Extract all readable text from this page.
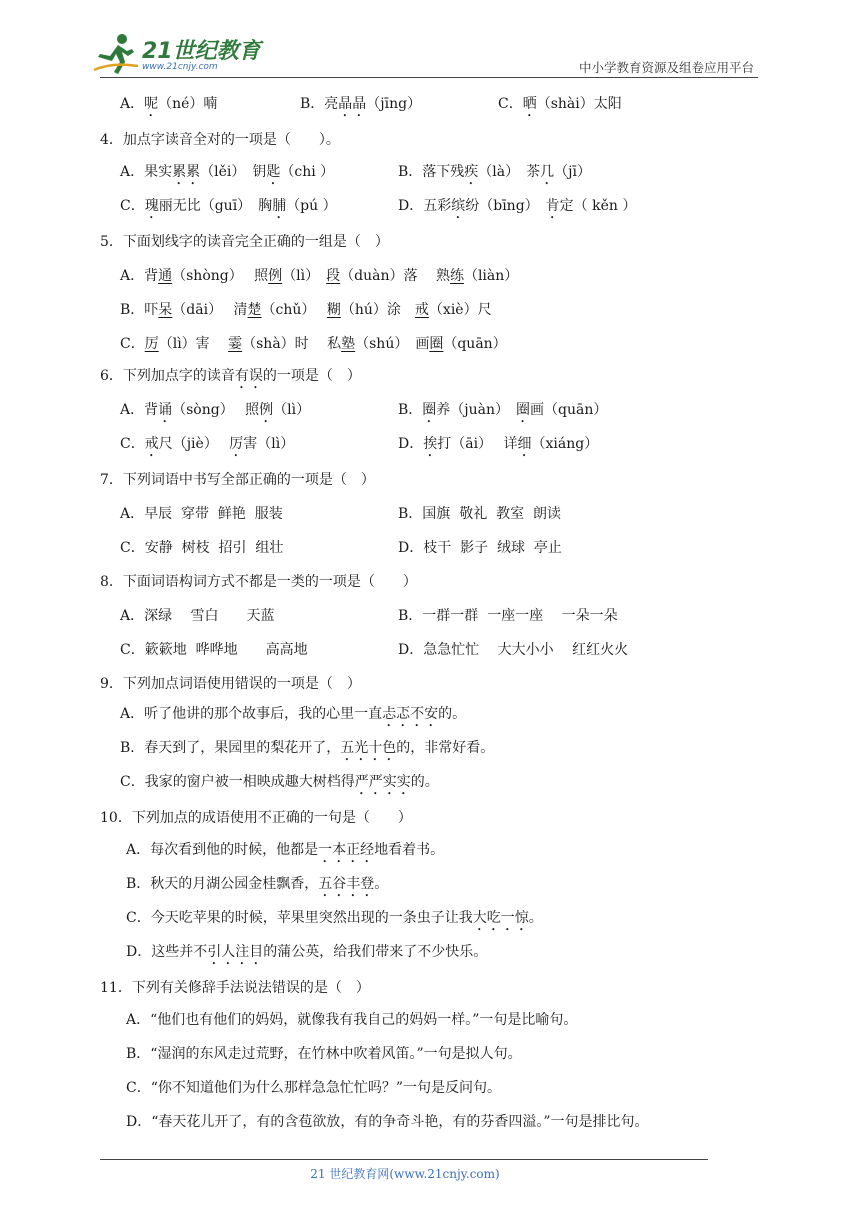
21世纪教育
www.21cnjy.com	中小学教育资源及组卷应用平台
A．呢（né）喃	B．亮晶晶（jīng）	C．晒（shài）太阳
4．加点字读音全对的一项是（　　）。
A．果实累累（lěi）　钥匙（chi ）	B．落下残疾（là）　茶几（jī）
C．瑰丽无比（guī）　胸脯（pú ）	D．五彩缤纷（bīng）　肯定（ kěn ）
5．下面划线字的读音完全正确的一组是（　）
A．背通（shòng）　 照例（lì）　段（duàn）落　 熟练（liàn）
B．吓呆（dāi）　 清楚（chǔ）　 糊（hú）涂　戒（xiè）尺
C．厉（lì）害　 霎（shà）时　 私塾（shú）　画圈（quān）
6．下列加点字的读音有误的一项是（　）
A．背诵（sòng）　 照例（lì）	B．圈养（juàn）　圈画（quān）
C．戒尺（jiè）　 厉害（lì）	D．挨打（āi）　 详细（xiáng）
7．下列词语中书写全部正确的一项是（　）
A．早辰  穿带  鲜艳  服装	B．国旗  敬礼  教室  朗读
C．安静  树枝  招引  组壮	D．枝干  影子  绒球  亭止
8．下面词语构词方式不都是一类的一项是（　　）
A．深绿　 雪白　　天蓝	B．一群一群  一座一座　 一朵一朵
C．簌簌地  哗哗地　　高高地	D．急急忙忙　 大大小小　 红红火火
9．下列加点词语使用错误的一项是（　）
A．听了他讲的那个故事后，我的心里一直忐忑不安的。
B．春天到了，果园里的梨花开了，五光十色的，非常好看。
C．我家的窗户被一相映成趣大树档得严严实实的。
10．下列加点的成语使用不正确的一句是（　　）
A．每次看到他的时候，他都是一本正经地看着书。
B．秋天的月湖公园金桂飘香，五谷丰登。
C．今天吃苹果的时候，苹果里突然出现的一条虫子让我大吃一惊。
D．这些并不引人注目的蒲公英，给我们带来了不少快乐。
11．下列有关修辞手法说法错误的是（　）
A．“他们也有他们的妈妈，就像我有我自己的妈妈一样。”一句是比喻句。
B．“湿润的东风走过荒野，在竹林中吹着风笛。”一句是拟人句。
C．“你不知道他们为什么那样急急忙忙吗？”一句是反问句。
D．“春天花儿开了，有的含苞欲放，有的争奇斗艳，有的芬香四溢。”一句是排比句。
21 世纪教育网(www.21cnjy.com)
